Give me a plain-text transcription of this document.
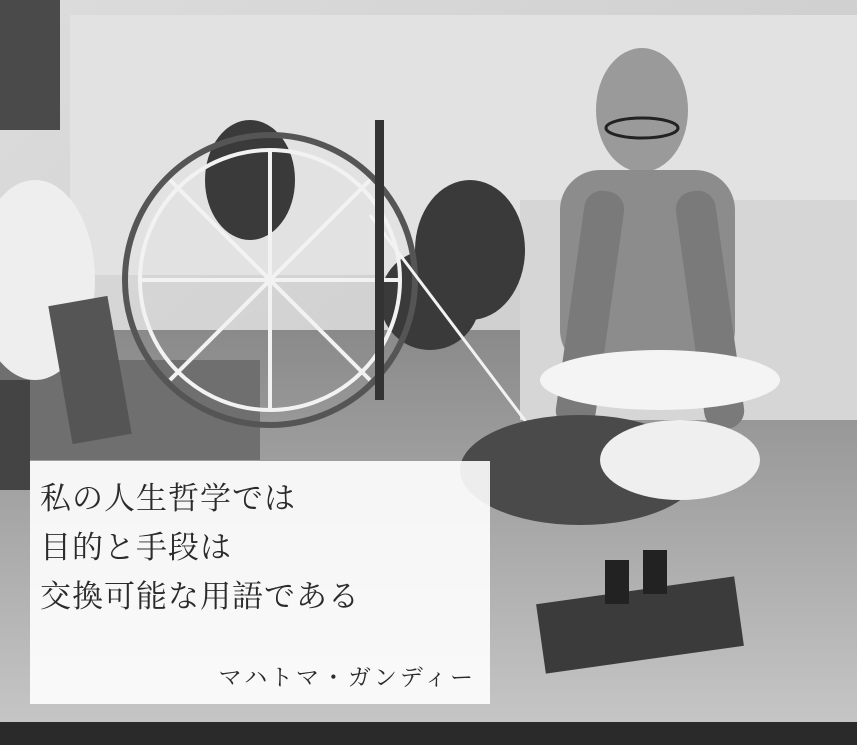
私の人生哲学では
目的と手段は
交換可能な用語である
マハトマ・ガンディー
